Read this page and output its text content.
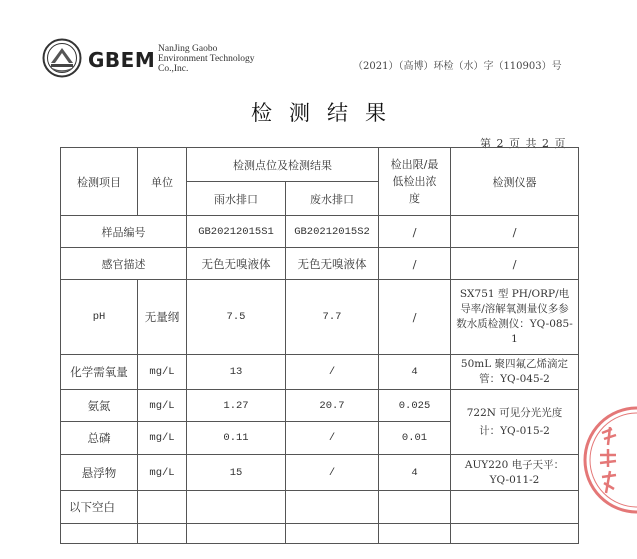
GBEM NanJing Gaobo
Environment Technology
Co.,Inc.	（2021）（高博）环检（水）字（110903）号
检测结果
第 2 页 共 2 页
检测项目	单位	检测点位及检测结果		检出限/最低检出浓度	检测仪器
		雨水排口	废水排口		
样品编号		GB20212015S1	GB20212015S2	/	/
感官描述		无色无嗅液体	无色无嗅液体	/	/
pH	无量纲	7.5	7.7	/	SX751 型 PH/ORP/电导率/溶解氧测量仪多参数水质检测仪：YQ-085-1
化学需氧量	mg/L	13	/	4	50mL 聚四氟乙烯滴定管：YQ-045-2
氨氮	mg/L	1.27	20.7	0.025	722N 可见分光光度计：YQ-015-2
总磷	mg/L	0.11	/	0.01	
悬浮物	mg/L	15	/	4	AUY220 电子天平：YQ-011-2
以下空白					
